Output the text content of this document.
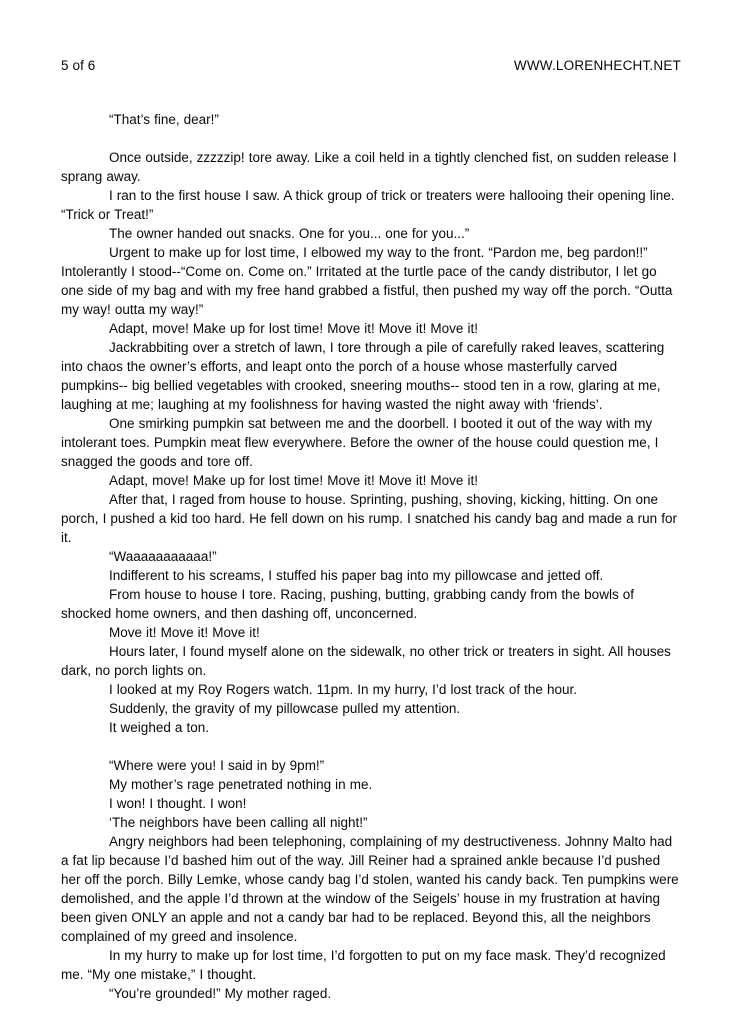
5 of 6	WWW.LORENHECHT.NET

“That’s fine, dear!”

Once outside, zzzzzip! tore away. Like a coil held in a tightly clenched fist, on sudden release I sprang away.

I ran to the first house I saw. A thick group of trick or treaters were hallooing their opening line. “Trick or Treat!”

The owner handed out snacks. One for you... one for you...”

Urgent to make up for lost time, I elbowed my way to the front. “Pardon me, beg pardon!!” Intolerantly I stood--“Come on. Come on.” Irritated at the turtle pace of the candy distributor, I let go one side of my bag and with my free hand grabbed a fistful, then pushed my way off the porch. “Outta my way! outta my way!”

Adapt, move! Make up for lost time! Move it! Move it! Move it!

Jackrabbiting over a stretch of lawn, I tore through a pile of carefully raked leaves, scattering into chaos the owner’s efforts, and leapt onto the porch of a house whose masterfully carved pumpkins-- big bellied vegetables with crooked, sneering mouths-- stood ten in a row, glaring at me, laughing at me; laughing at my foolishness for having wasted the night away with ‘friends’.

One smirking pumpkin sat between me and the doorbell. I booted it out of the way with my intolerant toes. Pumpkin meat flew everywhere. Before the owner of the house could question me, I snagged the goods and tore off.

Adapt, move! Make up for lost time! Move it! Move it! Move it!

After that, I raged from house to house. Sprinting, pushing, shoving, kicking, hitting. On one porch, I pushed a kid too hard. He fell down on his rump. I snatched his candy bag and made a run for it.

“Waaaaaaaaaaa!”

Indifferent to his screams, I stuffed his paper bag into my pillowcase and jetted off.

From house to house I tore. Racing, pushing, butting, grabbing candy from the bowls of shocked home owners, and then dashing off, unconcerned.

Move it! Move it! Move it!

Hours later, I found myself alone on the sidewalk, no other trick or treaters in sight. All houses dark, no porch lights on.

I looked at my Roy Rogers watch. 11pm. In my hurry, I’d lost track of the hour.

Suddenly, the gravity of my pillowcase pulled my attention.

It weighed a ton.

“Where were you! I said in by 9pm!”

My mother’s rage penetrated nothing in me.

I won! I thought. I won!

‘The neighbors have been calling all night!”

Angry neighbors had been telephoning, complaining of my destructiveness. Johnny Malto had a fat lip because I’d bashed him out of the way. Jill Reiner had a sprained ankle because I’d pushed her off the porch. Billy Lemke, whose candy bag I’d stolen, wanted his candy back. Ten pumpkins were demolished, and the apple I’d thrown at the window of the Seigels’ house in my frustration at having been given ONLY an apple and not a candy bar had to be replaced. Beyond this, all the neighbors complained of my greed and insolence.

In my hurry to make up for lost time, I’d forgotten to put on my face mask. They’d recognized me. “My one mistake,” I thought.

“You’re grounded!” My mother raged.
